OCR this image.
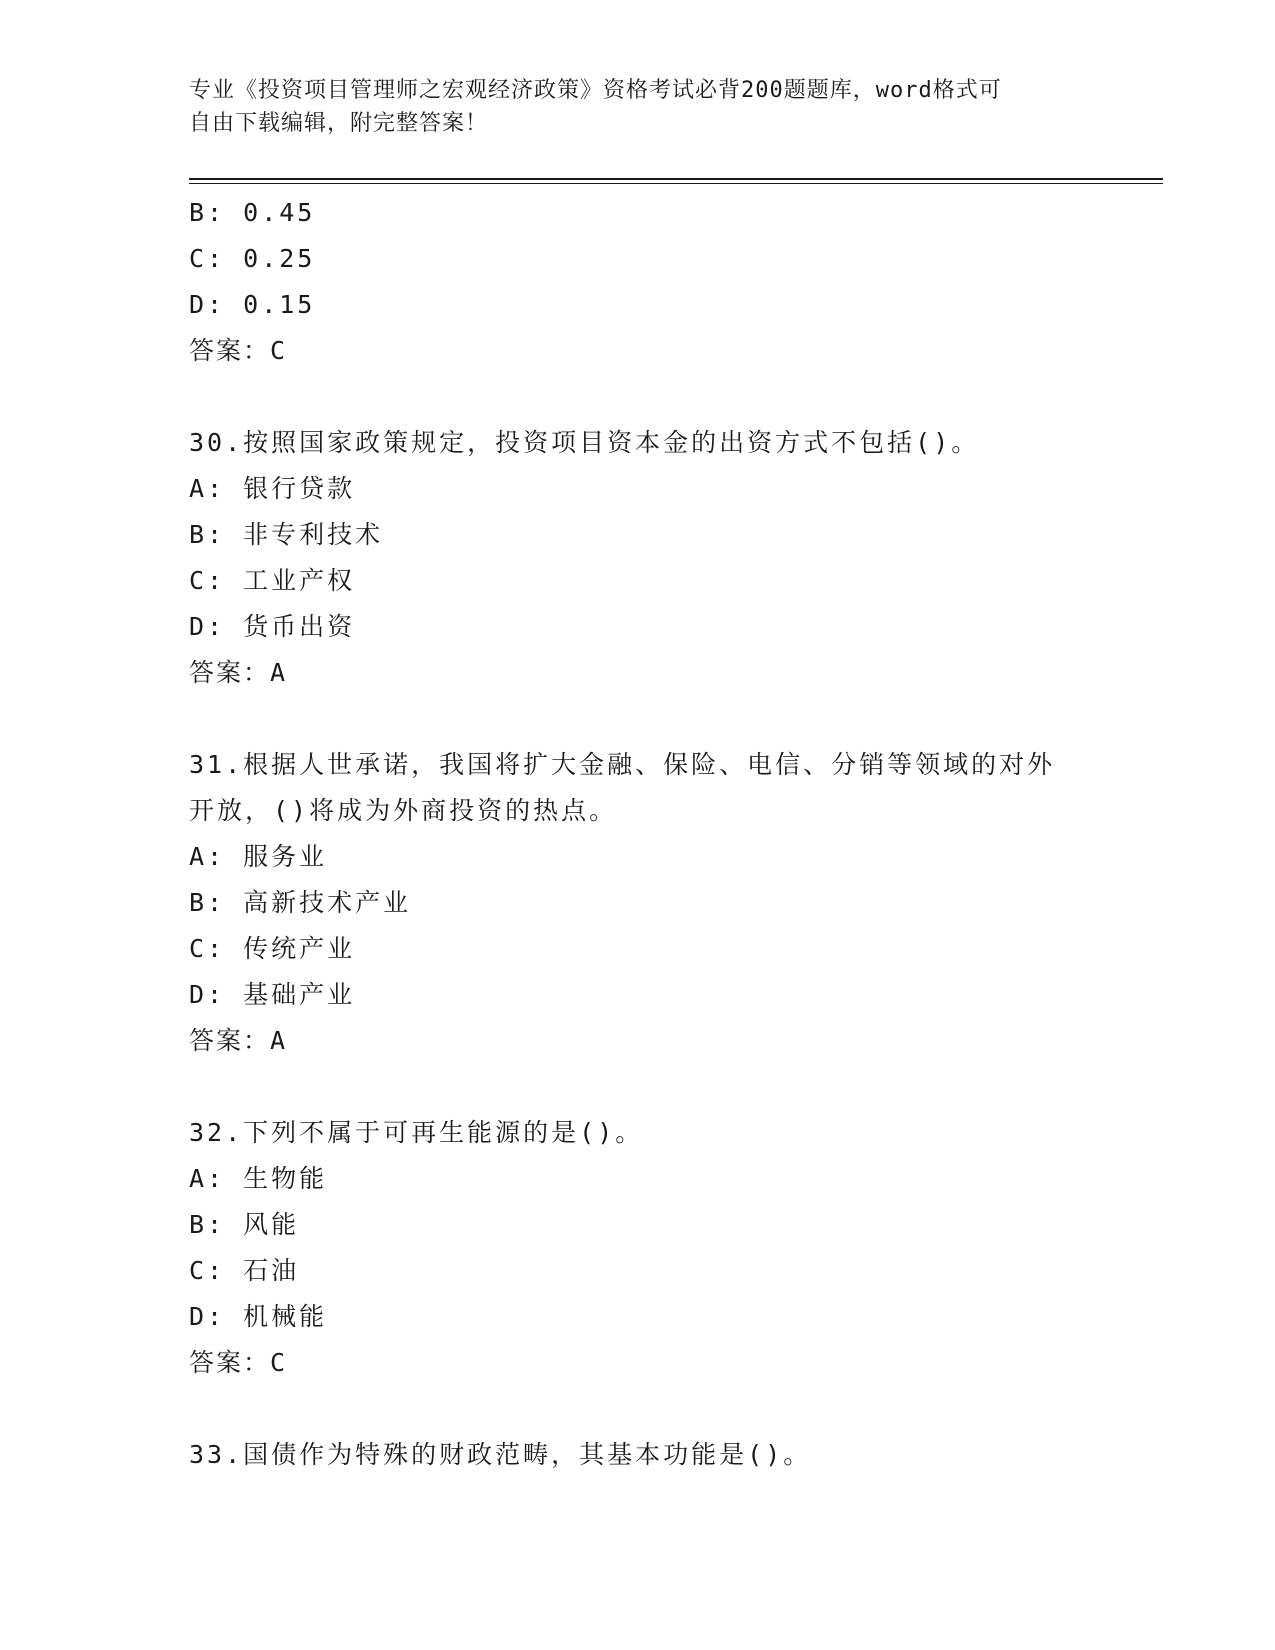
专业《投资项目管理师之宏观经济政策》资格考试必背200题题库，word格式可
自由下载编辑，附完整答案！
B: 0.45
C: 0.25
D: 0.15
答案：C
30.按照国家政策规定，投资项目资本金的出资方式不包括()。
A: 银行贷款
B: 非专利技术
C: 工业产权
D: 货币出资
答案：A
31.根据人世承诺，我国将扩大金融、保险、电信、分销等领域的对外
开放，()将成为外商投资的热点。
A: 服务业
B: 高新技术产业
C: 传统产业
D: 基础产业
答案：A
32.下列不属于可再生能源的是()。
A: 生物能
B: 风能
C: 石油
D: 机械能
答案：C
33.国债作为特殊的财政范畴，其基本功能是()。
